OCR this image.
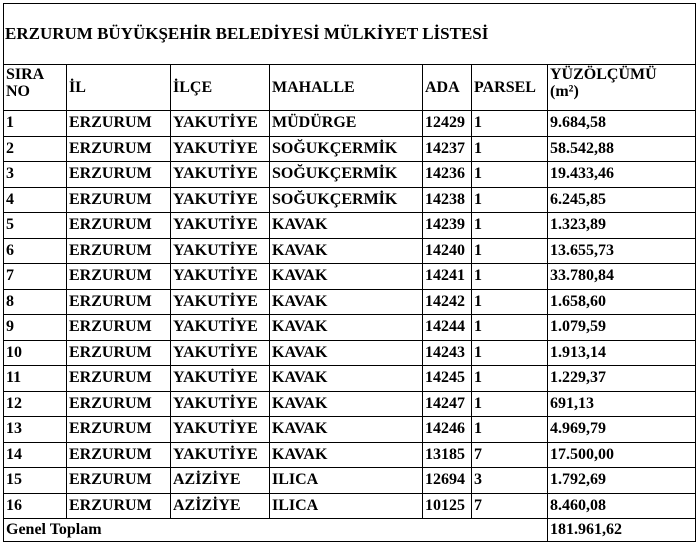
ERZURUM BÜYÜKŞEHİR BELEDİYESİ MÜLKİYET LİSTESİ						
SIRA
NO	İL	İLÇE	MAHALLE	ADA	PARSEL	YÜZÖLÇÜMÜ
(m²)
1	ERZURUM	YAKUTİYE	MÜDÜRGE	12429	1	9.684,58
2	ERZURUM	YAKUTİYE	SOĞUKÇERMİK	14237	1	58.542,88
3	ERZURUM	YAKUTİYE	SOĞUKÇERMİK	14236	1	19.433,46
4	ERZURUM	YAKUTİYE	SOĞUKÇERMİK	14238	1	6.245,85
5	ERZURUM	YAKUTİYE	KAVAK	14239	1	1.323,89
6	ERZURUM	YAKUTİYE	KAVAK	14240	1	13.655,73
7	ERZURUM	YAKUTİYE	KAVAK	14241	1	33.780,84
8	ERZURUM	YAKUTİYE	KAVAK	14242	1	1.658,60
9	ERZURUM	YAKUTİYE	KAVAK	14244	1	1.079,59
10	ERZURUM	YAKUTİYE	KAVAK	14243	1	1.913,14
11	ERZURUM	YAKUTİYE	KAVAK	14245	1	1.229,37
12	ERZURUM	YAKUTİYE	KAVAK	14247	1	691,13
13	ERZURUM	YAKUTİYE	KAVAK	14246	1	4.969,79
14	ERZURUM	YAKUTİYE	KAVAK	13185	7	17.500,00
15	ERZURUM	AZİZİYE	ILICA	12694	3	1.792,69
16	ERZURUM	AZİZİYE	ILICA	10125	7	8.460,08
Genel Toplam						181.961,62
